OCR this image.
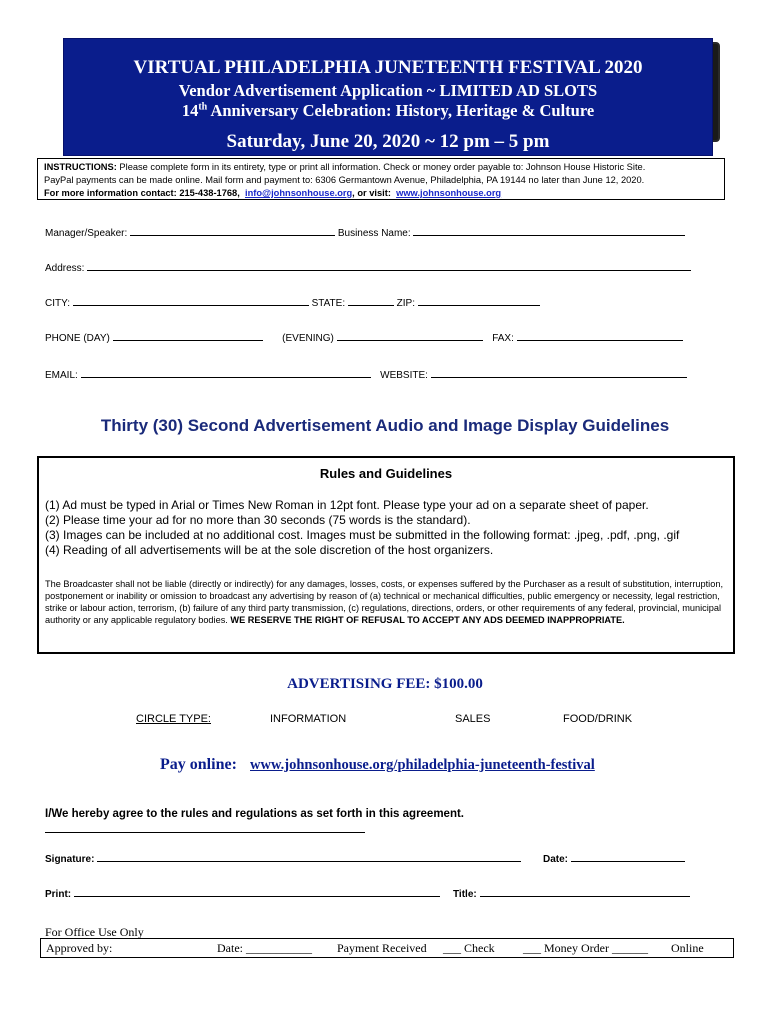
VIRTUAL PHILADELPHIA JUNETEENTH FESTIVAL 2020
Vendor Advertisement Application ~ LIMITED AD SLOTS
14th Anniversary Celebration: History, Heritage & Culture
Saturday, June 20, 2020 ~ 12 pm – 5 pm
INSTRUCTIONS: Please complete form in its entirety, type or print all information. Check or money order payable to: Johnson House Historic Site.
PayPal payments can be made online. Mail form and payment to: 6306 Germantown Avenue, Philadelphia, PA 19144 no later than June 12, 2020.
For more information contact: 215-438-1768, info@johnsonhouse.org, or visit: www.johnsonhouse.org
Manager/Speaker:	Business Name:
Address:
CITY:	STATE:	ZIP:
PHONE (DAY)	(EVENING)	FAX:
EMAIL:	WEBSITE:
Thirty (30) Second Advertisement Audio and Image Display Guidelines
Rules and Guidelines
(1) Ad must be typed in Arial or Times New Roman in 12pt font. Please type your ad on a separate sheet of paper.
(2) Please time your ad for no more than 30 seconds (75 words is the standard).
(3) Images can be included at no additional cost. Images must be submitted in the following format: .jpeg, .pdf, .png, .gif
(4) Reading of all advertisements will be at the sole discretion of the host organizers.
The Broadcaster shall not be liable (directly or indirectly) for any damages, losses, costs, or expenses suffered by the Purchaser as a result of substitution, interruption, postponement or inability or omission to broadcast any advertising by reason of (a) technical or mechanical difficulties, public emergency or necessity, legal restriction, strike or labour action, terrorism, (b) failure of any third party transmission, (c) regulations, directions, orders, or other requirements of any federal, provincial, municipal authority or any applicable regulatory bodies. WE RESERVE THE RIGHT OF REFUSAL TO ACCEPT ANY ADS DEEMED INAPPROPRIATE.
ADVERTISING FEE: $100.00
CIRCLE TYPE:	INFORMATION	SALES	FOOD/DRINK
Pay online: www.johnsonhouse.org/philadelphia-juneteenth-festival
I/We hereby agree to the rules and regulations as set forth in this agreement.
Signature:	Date:
Print:	Title:
For Office Use Only
Approved by:	Date: ___________ Payment Received ___ Check ___ Money Order ______ Online
